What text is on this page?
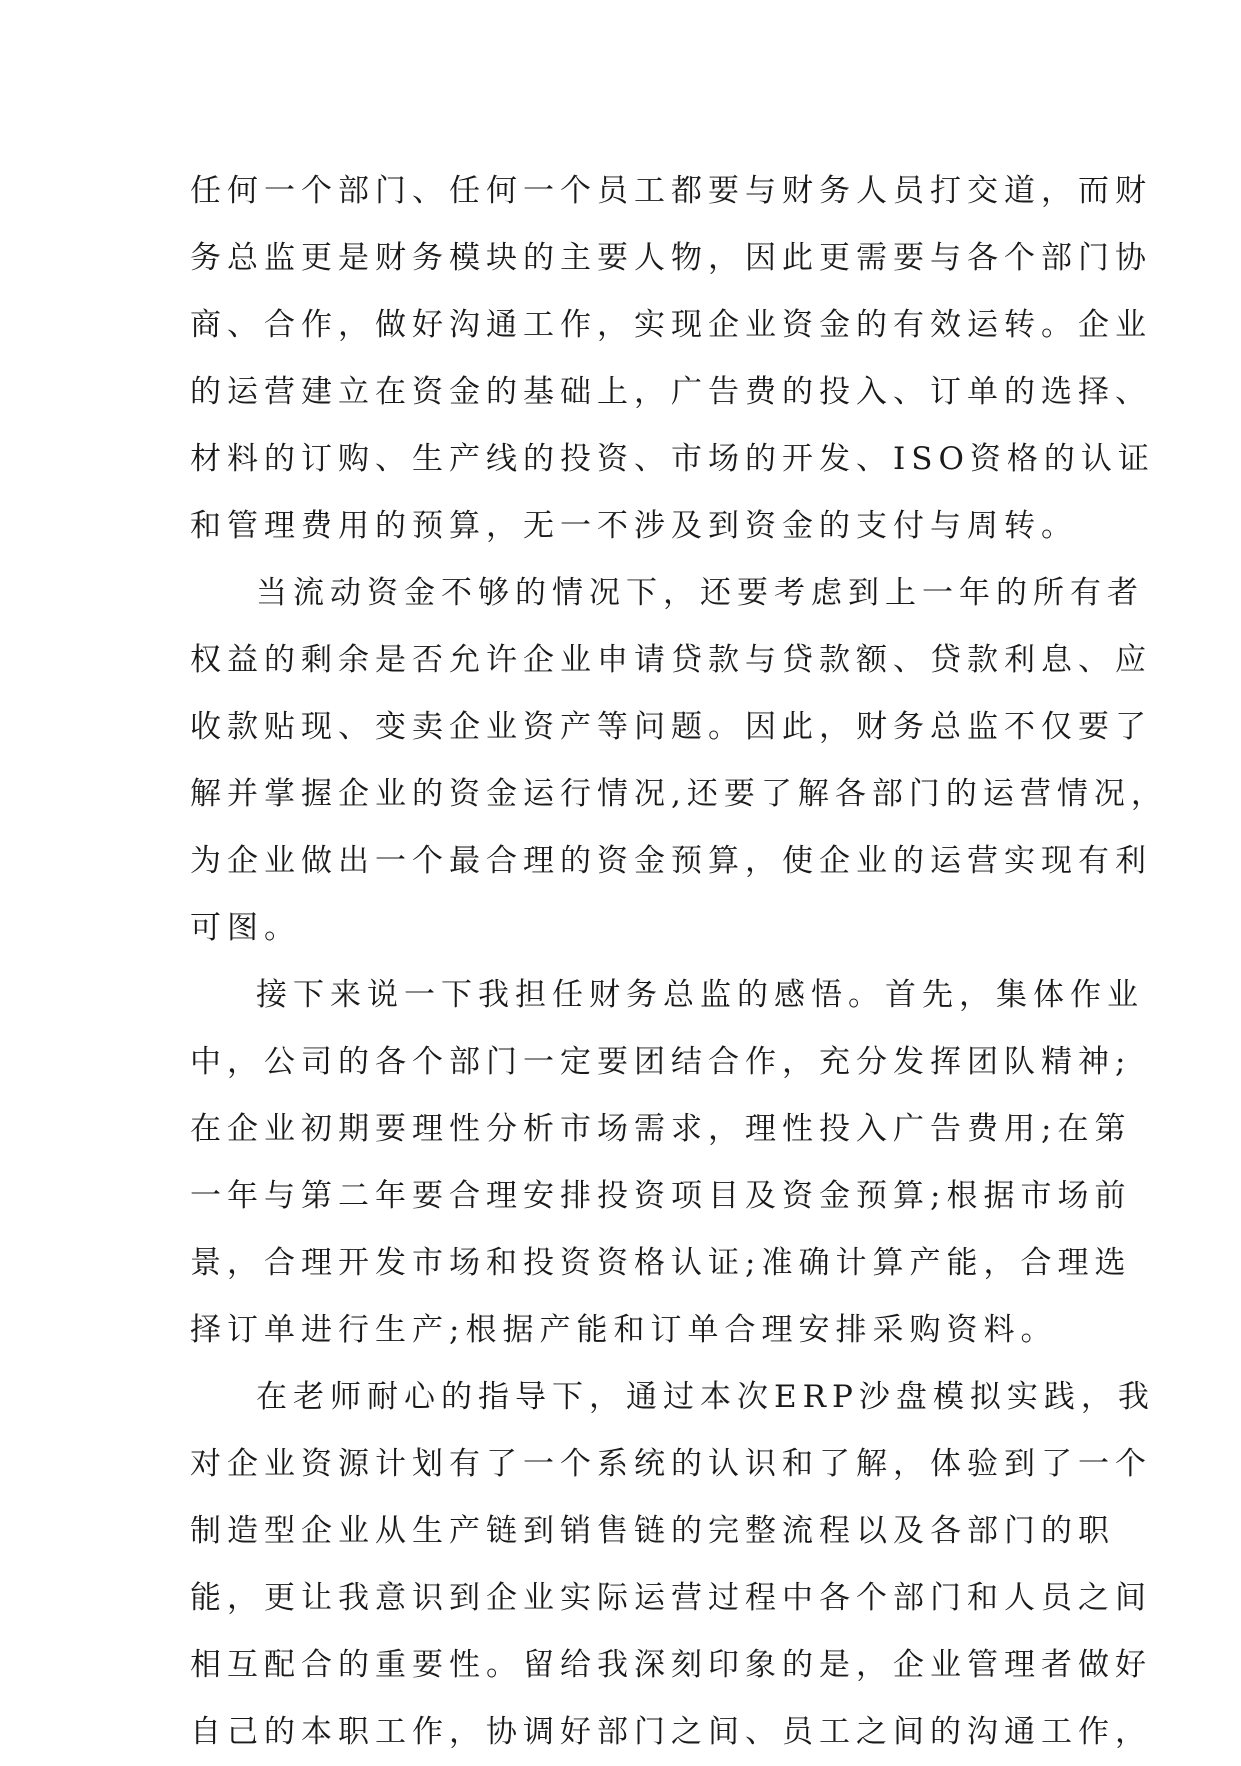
任何一个部门、任何一个员工都要与财务人员打交道，而财
务总监更是财务模块的主要人物，因此更需要与各个部门协
商、合作，做好沟通工作，实现企业资金的有效运转。企业
的运营建立在资金的基础上，广告费的投入、订单的选择、
材料的订购、生产线的投资、市场的开发、ISO资格的认证
和管理费用的预算，无一不涉及到资金的支付与周转。
当流动资金不够的情况下，还要考虑到上一年的所有者
权益的剩余是否允许企业申请贷款与贷款额、贷款利息、应
收款贴现、变卖企业资产等问题。因此，财务总监不仅要了
解并掌握企业的资金运行情况,还要了解各部门的运营情况，
为企业做出一个最合理的资金预算，使企业的运营实现有利
可图。
接下来说一下我担任财务总监的感悟。首先，集体作业
中，公司的各个部门一定要团结合作，充分发挥团队精神;
在企业初期要理性分析市场需求，理性投入广告费用;在第
一年与第二年要合理安排投资项目及资金预算;根据市场前
景，合理开发市场和投资资格认证;准确计算产能，合理选
择订单进行生产;根据产能和订单合理安排采购资料。
在老师耐心的指导下，通过本次ERP沙盘模拟实践，我
对企业资源计划有了一个系统的认识和了解，体验到了一个
制造型企业从生产链到销售链的完整流程以及各部门的职
能，更让我意识到企业实际运营过程中各个部门和人员之间
相互配合的重要性。留给我深刻印象的是，企业管理者做好
自己的本职工作，协调好部门之间、员工之间的沟通工作，
